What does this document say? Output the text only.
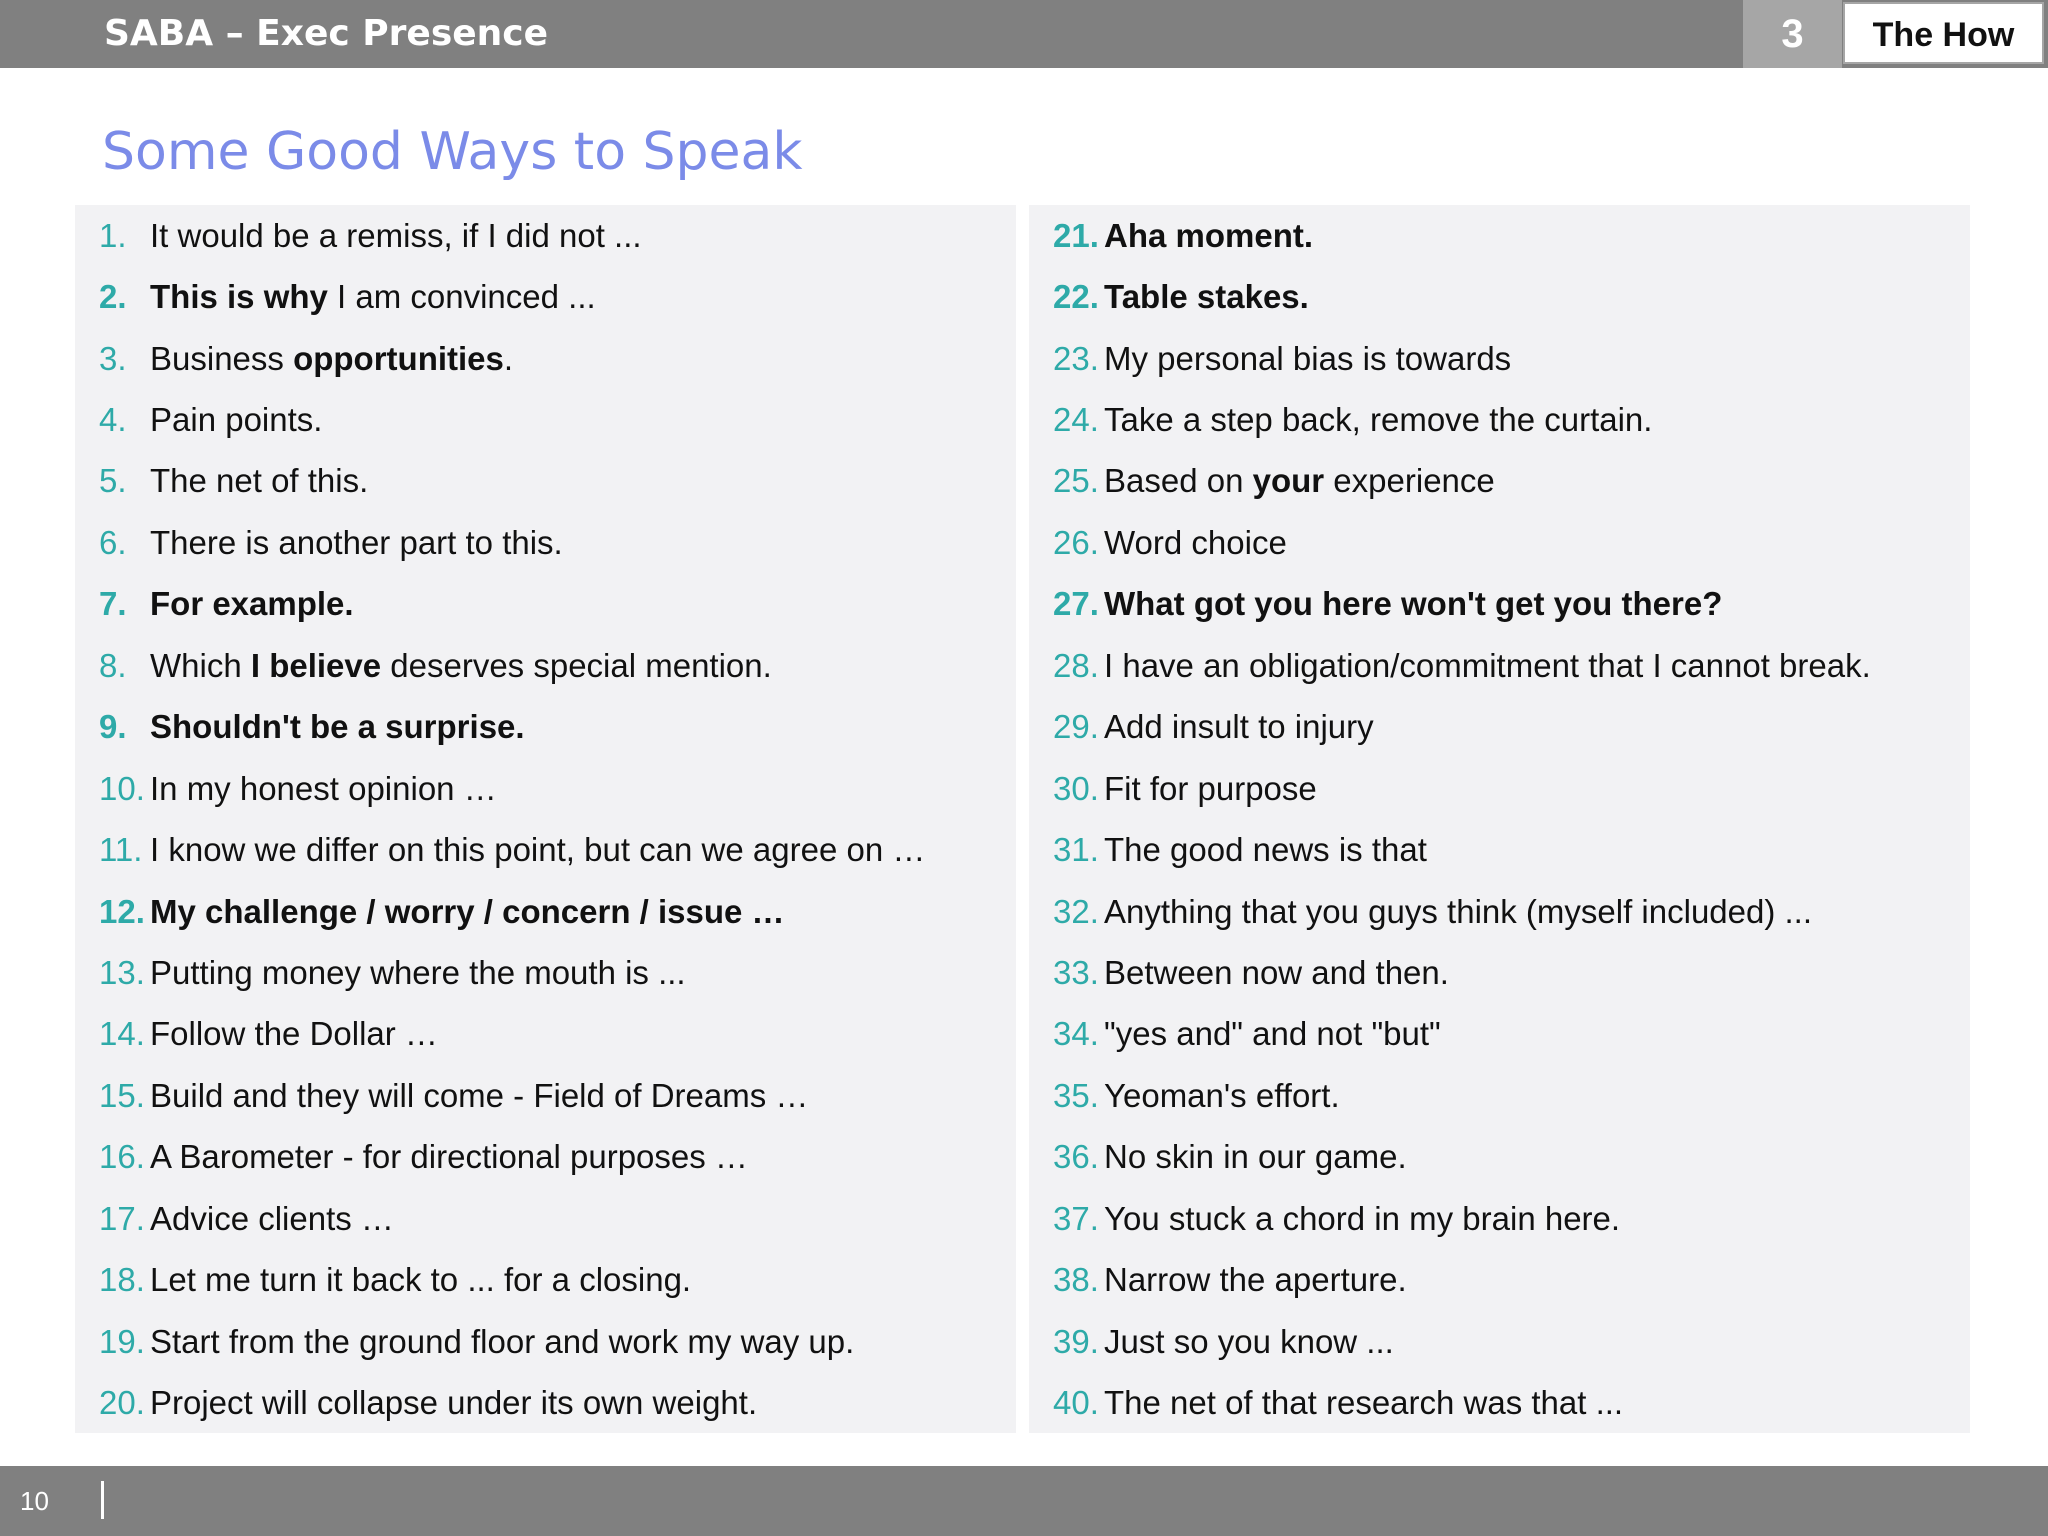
SABA – Exec Presence	3	The How
Some Good Ways to Speak
1. It would be a remiss, if I did not ...
2. This is why I am convinced ...
3. Business opportunities.
4. Pain points.
5. The net of this.
6. There is another part to this.
7. For example.
8. Which I believe deserves special mention.
9. Shouldn't be a surprise.
10. In my honest opinion …
11. I know we differ on this point, but can we agree on …
12. My challenge / worry / concern / issue …
13. Putting money where the mouth is ...
14. Follow the Dollar …
15. Build and they will come - Field of Dreams …
16. A Barometer - for directional purposes …
17. Advice clients …
18. Let me turn it back to ... for a closing.
19. Start from the ground floor and work my way up.
20. Project will collapse under its own weight.
21. Aha moment.
22. Table stakes.
23. My personal bias is towards
24. Take a step back, remove the curtain.
25. Based on your experience
26. Word choice
27. What got you here won't get you there?
28. I have an obligation/commitment that I cannot break.
29. Add insult to injury
30. Fit for purpose
31. The good news is that
32. Anything that you guys think (myself included) ...
33. Between now and then.
34. "yes and" and not "but"
35. Yeoman's effort.
36. No skin in our game.
37. You stuck a chord in my brain here.
38. Narrow the aperture.
39. Just so you know ...
40. The net of that research was that ...
10
